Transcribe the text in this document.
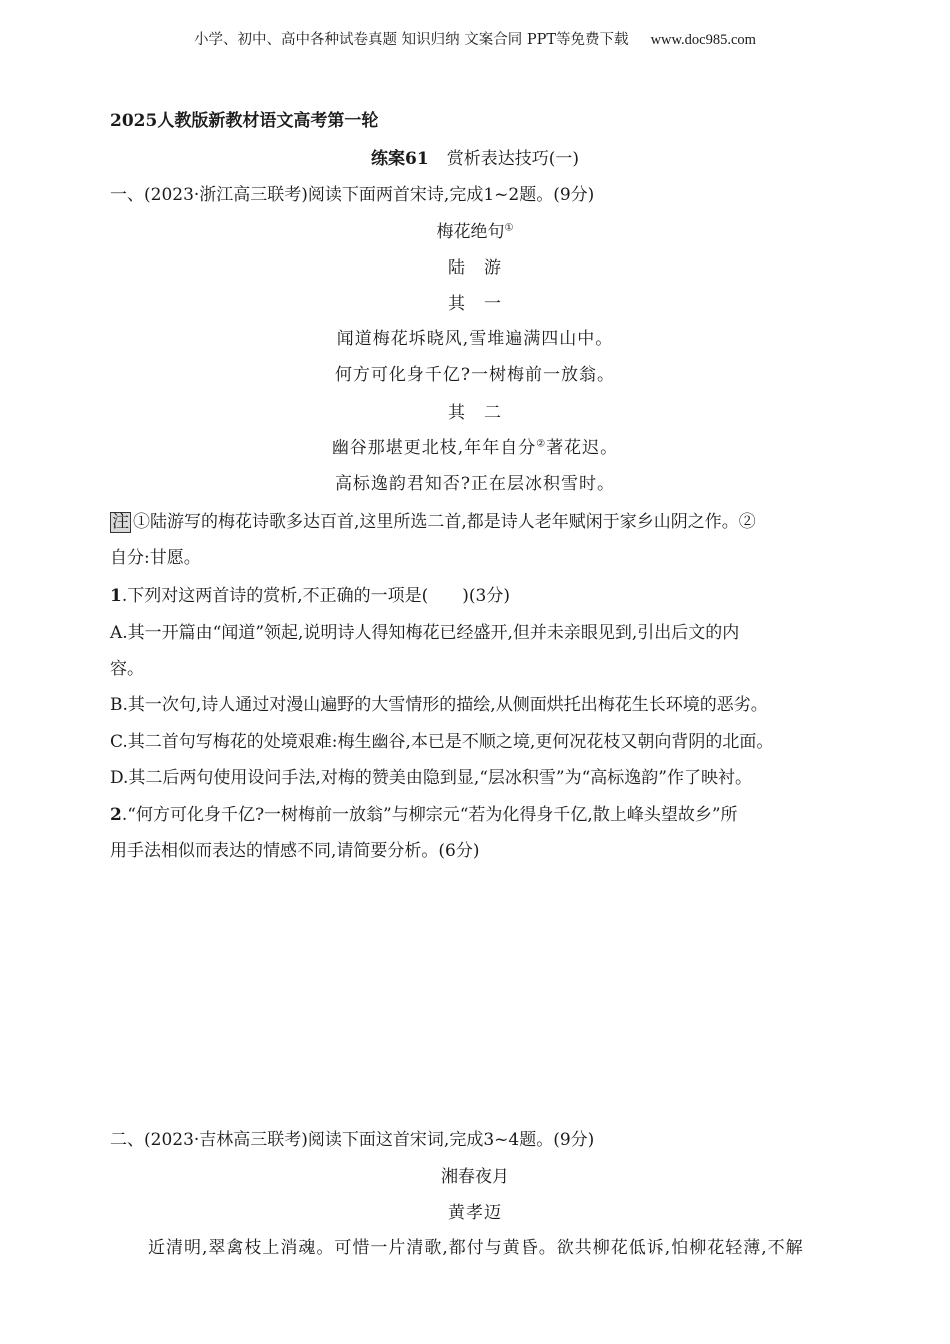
小学、初中、高中各种试卷真题 知识归纳 文案合同 PPT等免费下载 www.doc985.com
2025人教版新教材语文高考第一轮
练案61 赏析表达技巧(一)
一、(2023·浙江高三联考)阅读下面两首宋诗,完成1~2题。(9分)
梅花绝句①
陆　游
其　一
闻道梅花坼晓风,雪堆遍满四山中。
何方可化身千亿?一树梅前一放翁。
其　二
幽谷那堪更北枝,年年自分②著花迟。
高标逸韵君知否?正在层冰积雪时。
注 ①陆游写的梅花诗歌多达百首,这里所选二首,都是诗人老年赋闲于家乡山阴之作。②
自分:甘愿。
1.下列对这两首诗的赏析,不正确的一项是(　　)(3分)
A.其一开篇由“闻道”领起,说明诗人得知梅花已经盛开,但并未亲眼见到,引出后文的内
容。
B.其一次句,诗人通过对漫山遍野的大雪情形的描绘,从侧面烘托出梅花生长环境的恶劣。
C.其二首句写梅花的处境艰难:梅生幽谷,本已是不顺之境,更何况花枝又朝向背阴的北面。
D.其二后两句使用设问手法,对梅的赞美由隐到显,“层冰积雪”为“高标逸韵”作了映衬。
2.“何方可化身千亿?一树梅前一放翁”与柳宗元“若为化得身千亿,散上峰头望故乡”所
用手法相似而表达的情感不同,请简要分析。(6分)
二、(2023·吉林高三联考)阅读下面这首宋词,完成3~4题。(9分)
湘春夜月
黄孝迈
近清明,翠禽枝上消魂。可惜一片清歌,都付与黄昏。欲共柳花低诉,怕柳花轻薄,不解
